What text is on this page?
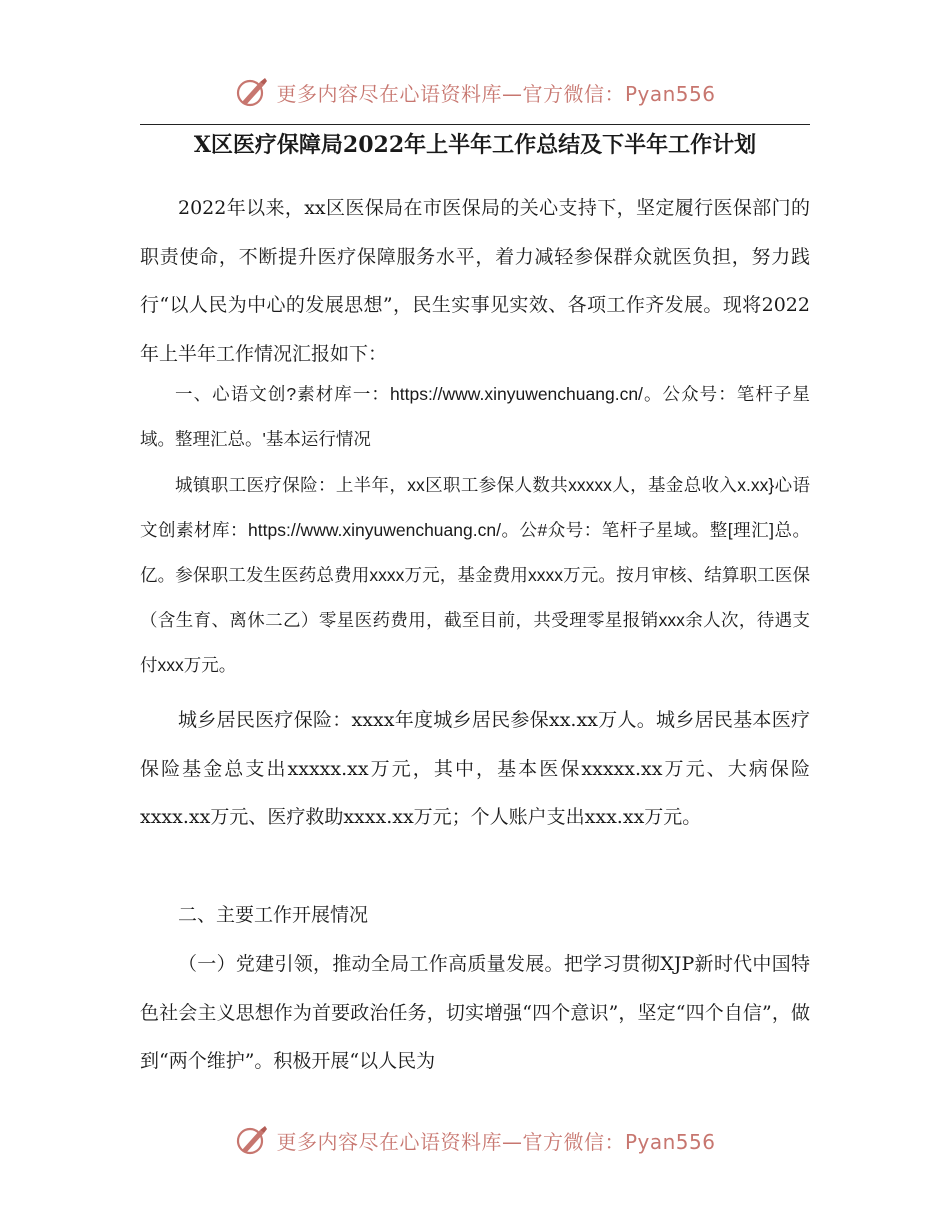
更多内容尽在心语资料库—官方微信：Pyan556
X区医疗保障局2022年上半年工作总结及下半年工作计划

2022年以来，xx区医保局在市医保局的关心支持下，坚定履行医保部门的职责使命，不断提升医疗保障服务水平，着力减轻参保群众就医负担，努力践行“以人民为中心的发展思想”，民生实事见实效、各项工作齐发展。现将2022年上半年工作情况汇报如下：

一、心语文创?素材库一：https://www.xinyuwenchuang.cn/。公众号：笔杆子星域。整理汇总。'基本运行情况

城镇职工医疗保险：上半年，xx区职工参保人数共xxxxx人，基金总收入x.xx}心语文创素材库：https://www.xinyuwenchuang.cn/。公#众号：笔杆子星域。整[理汇]总。亿。参保职工发生医药总费用xxxx万元，基金费用xxxx万元。按月审核、结算职工医保（含生育、离休二乙）零星医药费用，截至目前，共受理零星报销xxx余人次，待遇支付xxx万元。

城乡居民医疗保险：xxxx年度城乡居民参保xx.xx万人。城乡居民基本医疗保险基金总支出xxxxx.xx万元，其中，基本医保xxxxx.xx万元、大病保险xxxx.xx万元、医疗救助xxxx.xx万元；个人账户支出xxx.xx万元。

二、主要工作开展情况

（一）党建引领，推动全局工作高质量发展。把学习贯彻XJP新时代中国特色社会主义思想作为首要政治任务，切实增强“四个意识”，坚定“四个自信”，做到“两个维护”。积极开展“以人民为

更多内容尽在心语资料库—官方微信：Pyan556
